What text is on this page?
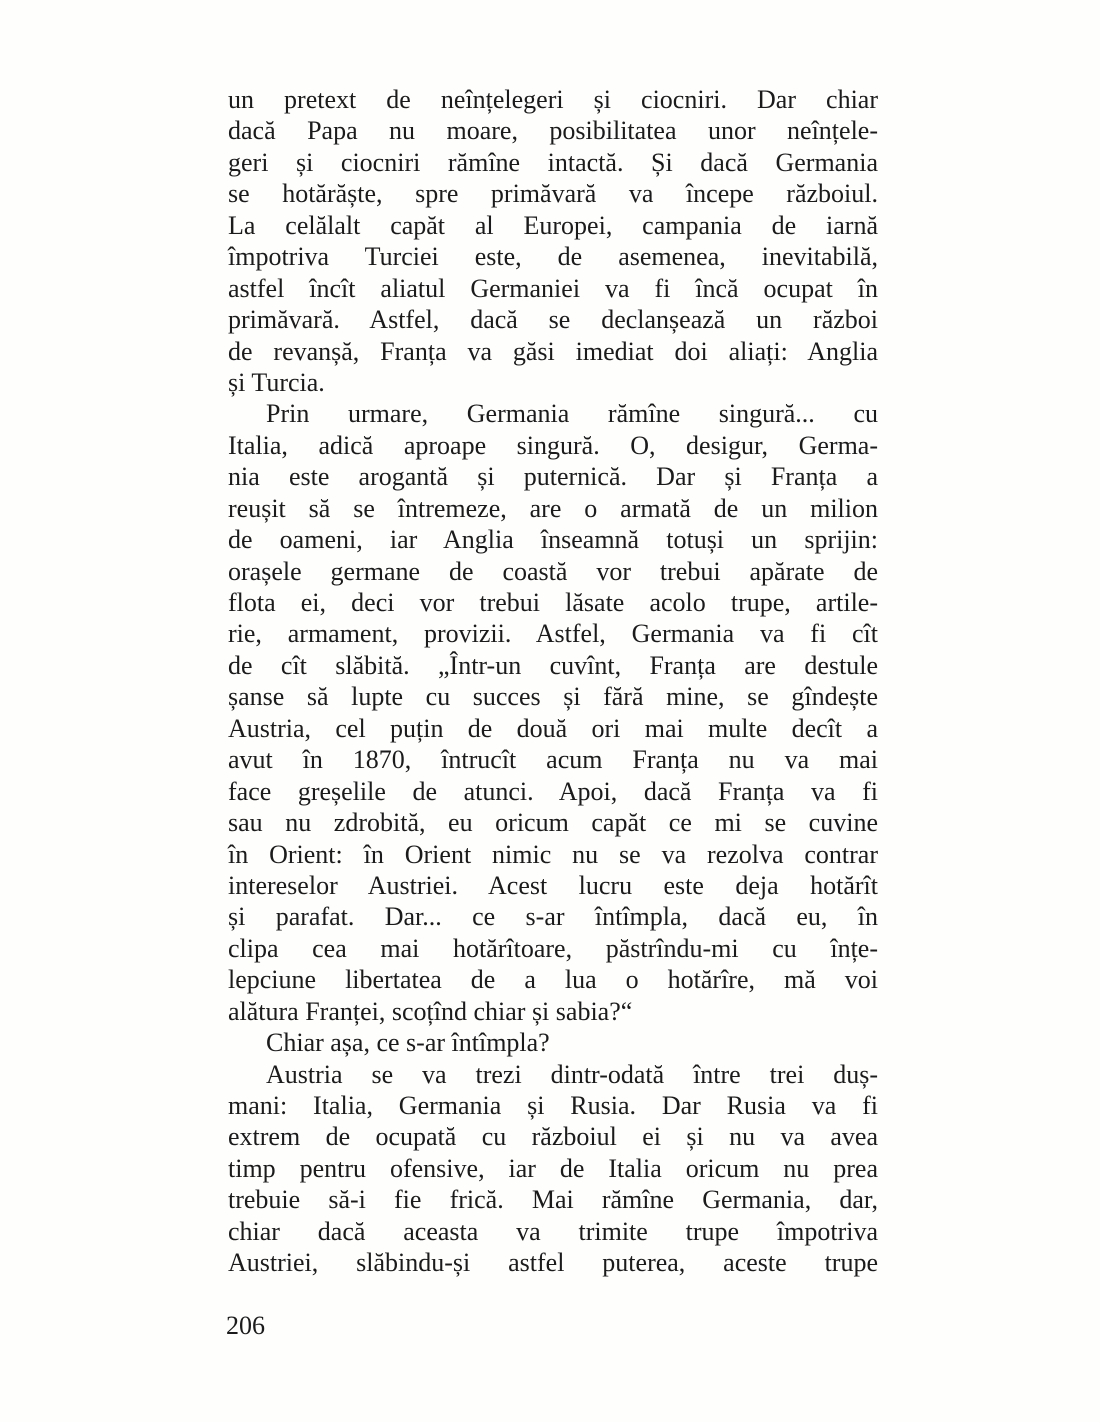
un pretext de neînțelegeri și ciocniri. Dar chiar
dacă Papa nu moare, posibilitatea unor neînțele-
geri și ciocniri rămîne intactă. Și dacă Germania
se hotărăște, spre primăvară va începe războiul.
La celălalt capăt al Europei, campania de iarnă
împotriva Turciei este, de asemenea, inevitabilă,
astfel încît aliatul Germaniei va fi încă ocupat în
primăvară. Astfel, dacă se declanșează un război
de revanșă, Franța va găsi imediat doi aliați: Anglia
și Turcia.
Prin urmare, Germania rămîne singură... cu
Italia, adică aproape singură. O, desigur, Germa-
nia este arogantă și puternică. Dar și Franța a
reușit să se întremeze, are o armată de un milion
de oameni, iar Anglia înseamnă totuși un sprijin:
orașele germane de coastă vor trebui apărate de
flota ei, deci vor trebui lăsate acolo trupe, artile-
rie, armament, provizii. Astfel, Germania va fi cît
de cît slăbită. „Într-un cuvînt, Franța are destule
șanse să lupte cu succes și fără mine, se gîndește
Austria, cel puțin de două ori mai multe decît a
avut în 1870, întrucît acum Franța nu va mai
face greșelile de atunci. Apoi, dacă Franța va fi
sau nu zdrobită, eu oricum capăt ce mi se cuvine
în Orient: în Orient nimic nu se va rezolva contrar
intereselor Austriei. Acest lucru este deja hotărît
și parafat. Dar... ce s-ar întîmpla, dacă eu, în
clipa cea mai hotărîtoare, păstrîndu-mi cu înțe-
lepciune libertatea de a lua o hotărîre, mă voi
alătura Franței, scoțînd chiar și sabia?“
Chiar așa, ce s-ar întîmpla?
Austria se va trezi dintr-odată între trei duș-
mani: Italia, Germania și Rusia. Dar Rusia va fi
extrem de ocupată cu războiul ei și nu va avea
timp pentru ofensive, iar de Italia oricum nu prea
trebuie să-i fie frică. Mai rămîne Germania, dar,
chiar dacă aceasta va trimite trupe împotriva
Austriei, slăbindu-și astfel puterea, aceste trupe
206
